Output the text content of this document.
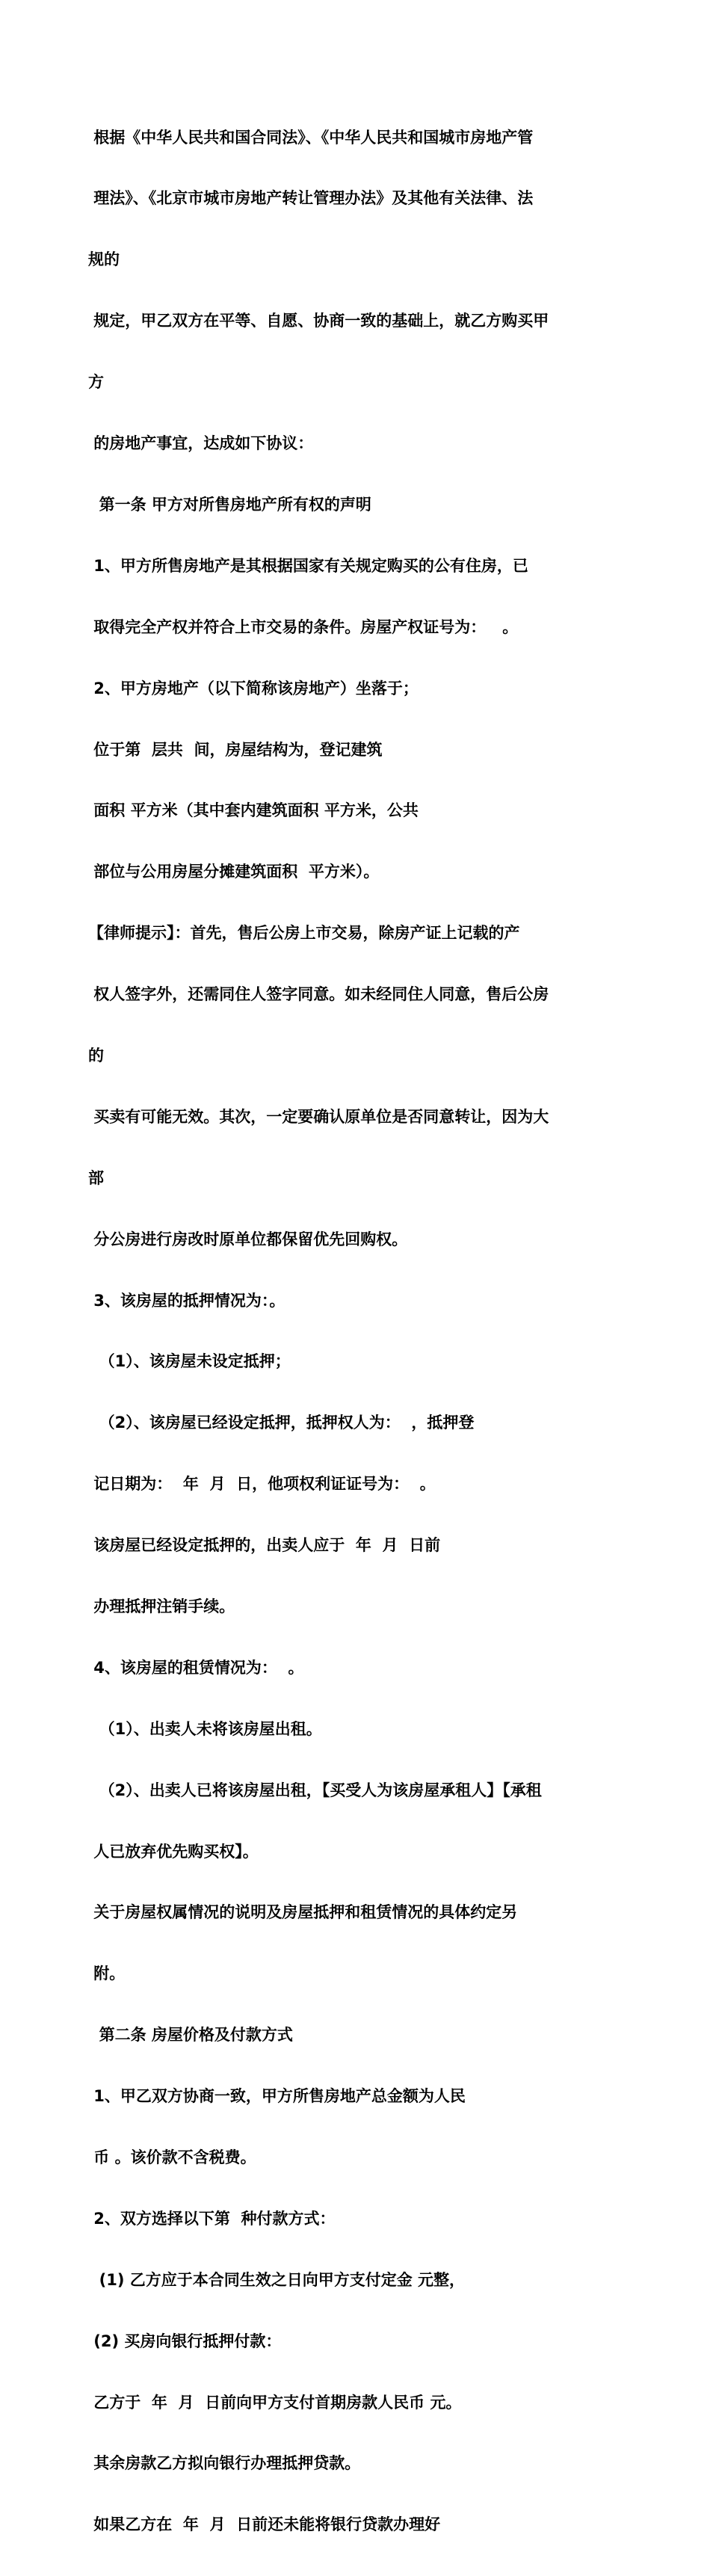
根据《中华人民共和国合同法》、《中华人民共和国城市房地产管

理法》、《北京市城市房地产转让管理办法》及其他有关法律、法

规的

规定，甲乙双方在平等、自愿、协商一致的基础上，就乙方购买甲

方

的房地产事宜，达成如下协议：

第一条 甲方对所售房地产所有权的声明

1、甲方所售房地产是其根据国家有关规定购买的公有住房，已

取得完全产权并符合上市交易的条件。房屋产权证号为：   。

2、甲方房地产（以下简称该房地产）坐落于；

位于第  层共  间，房屋结构为，登记建筑

面积 平方米（其中套内建筑面积 平方米，公共

部位与公用房屋分摊建筑面积  平方米）。

【律师提示】：首先，售后公房上市交易，除房产证上记载的产

权人签字外，还需同住人签字同意。如未经同住人同意，售后公房

的

买卖有可能无效。其次，一定要确认原单位是否同意转让，因为大

部

分公房进行房改时原单位都保留优先回购权。

3、该房屋的抵押情况为：。

（1）、该房屋未设定抵押；

（2）、该房屋已经设定抵押，抵押权人为：  ，抵押登

记日期为：  年  月  日，他项权利证证号为：  。

该房屋已经设定抵押的，出卖人应于  年  月  日前

办理抵押注销手续。

4、该房屋的租赁情况为：  。

（1）、出卖人未将该房屋出租。

（2）、出卖人已将该房屋出租，【买受人为该房屋承租人】【承租

人已放弃优先购买权】。

关于房屋权属情况的说明及房屋抵押和租赁情况的具体约定另

附。

第二条 房屋价格及付款方式

1、甲乙双方协商一致，甲方所售房地产总金额为人民

币 。该价款不含税费。

2、双方选择以下第  种付款方式：

(1) 乙方应于本合同生效之日向甲方支付定金 元整，

(2) 买房向银行抵押付款：

乙方于  年  月  日前向甲方支付首期房款人民币 元。

其余房款乙方拟向银行办理抵押贷款。

如果乙方在  年  月  日前还未能将银行贷款办理好
